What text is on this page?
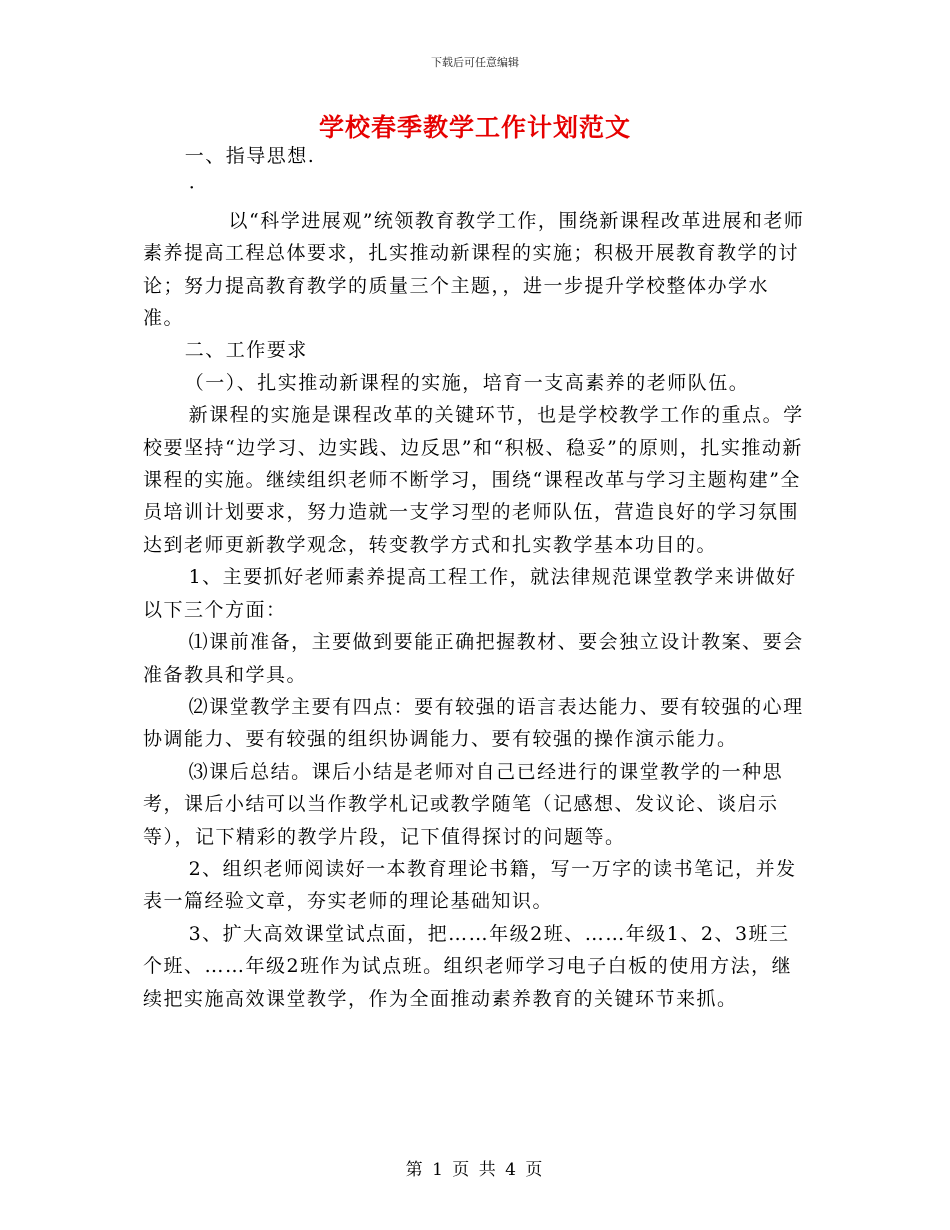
下载后可任意编辑
学校春季教学工作计划范文

一、指导思想.

·

以“科学进展观”统领教育教学工作，围绕新课程改革进展和老师素养提高工程总体要求，扎实推动新课程的实施；积极开展教育教学的讨论；努力提高教育教学的质量三个主题，，进一步提升学校整体办学水准。

二、工作要求

（一）、扎实推动新课程的实施，培育一支高素养的老师队伍。

新课程的实施是课程改革的关键环节，也是学校教学工作的重点。学校要坚持“边学习、边实践、边反思”和“积极、稳妥”的原则，扎实推动新课程的实施。继续组织老师不断学习，围绕“课程改革与学习主题构建”全员培训计划要求，努力造就一支学习型的老师队伍，营造良好的学习氛围达到老师更新教学观念，转变教学方式和扎实教学基本功目的。

1、主要抓好老师素养提高工程工作，就法律规范课堂教学来讲做好以下三个方面：

⑴课前准备，主要做到要能正确把握教材、要会独立设计教案、要会准备教具和学具。

⑵课堂教学主要有四点：要有较强的语言表达能力、要有较强的心理协调能力、要有较强的组织协调能力、要有较强的操作演示能力。

⑶课后总结。课后小结是老师对自己已经进行的课堂教学的一种思考，课后小结可以当作教学札记或教学随笔（记感想、发议论、谈启示等），记下精彩的教学片段，记下值得探讨的问题等。

2、组织老师阅读好一本教育理论书籍，写一万字的读书笔记，并发表一篇经验文章，夯实老师的理论基础知识。

3、扩大高效课堂试点面，把……年级2班、……年级1、2、3班三个班、……年级2班作为试点班。组织老师学习电子白板的使用方法，继续把实施高效课堂教学，作为全面推动素养教育的关键环节来抓。

第 1 页 共 4 页
